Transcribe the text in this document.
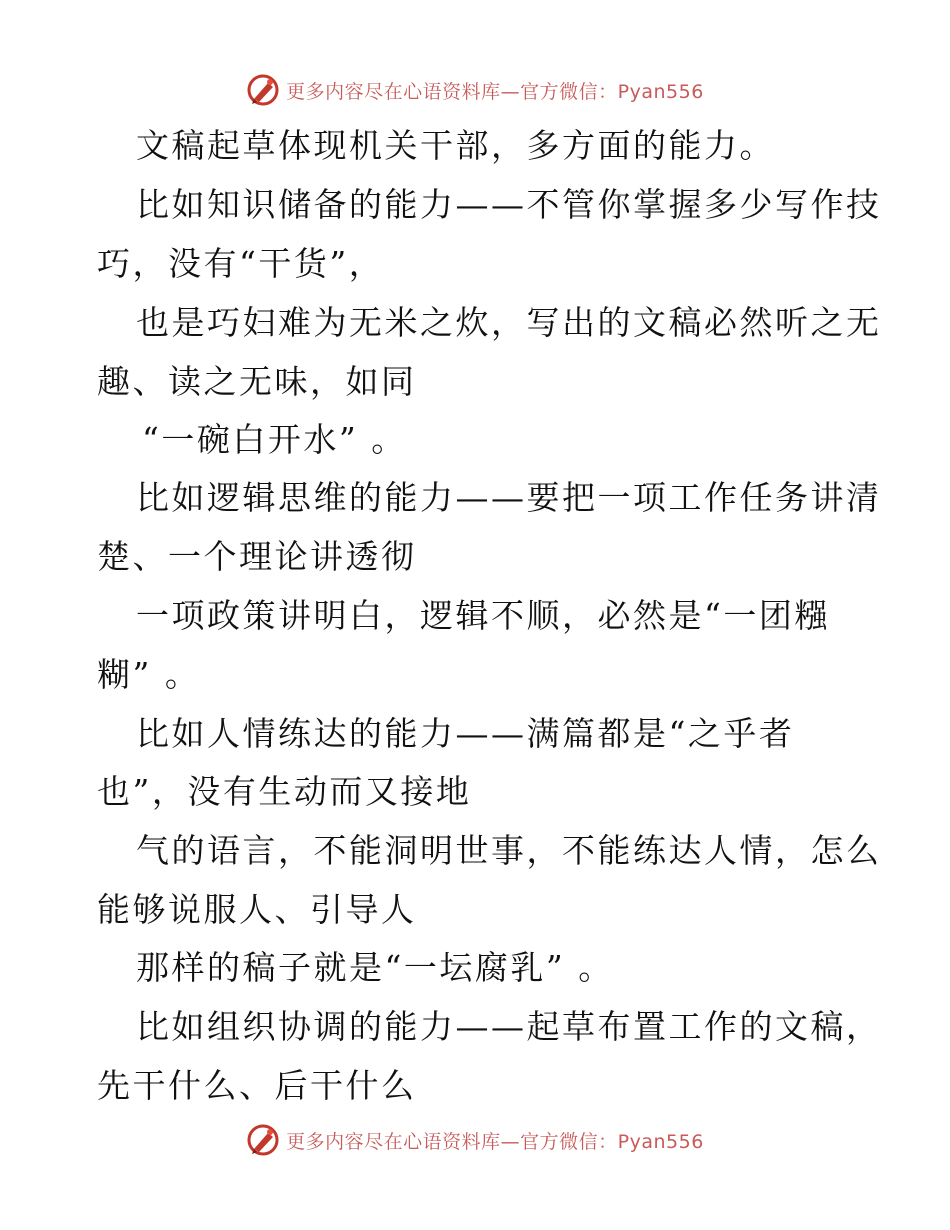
更多内容尽在心语资料库—官方微信：Pyan556
文稿起草体现机关干部，多方面的能力。
比如知识储备的能力——不管你掌握多少写作技
巧，没有“干货”，
也是巧妇难为无米之炊，写出的文稿必然听之无
趣、读之无味，如同
“一碗白开水” 。
比如逻辑思维的能力——要把一项工作任务讲清
楚、一个理论讲透彻
一项政策讲明白，逻辑不顺，必然是“一团糨
糊” 。
比如人情练达的能力——满篇都是“之乎者
也”，没有生动而又接地
气的语言，不能洞明世事，不能练达人情，怎么
能够说服人、引导人
那样的稿子就是“一坛腐乳” 。
比如组织协调的能力——起草布置工作的文稿，
先干什么、后干什么
更多内容尽在心语资料库—官方微信：Pyan556
